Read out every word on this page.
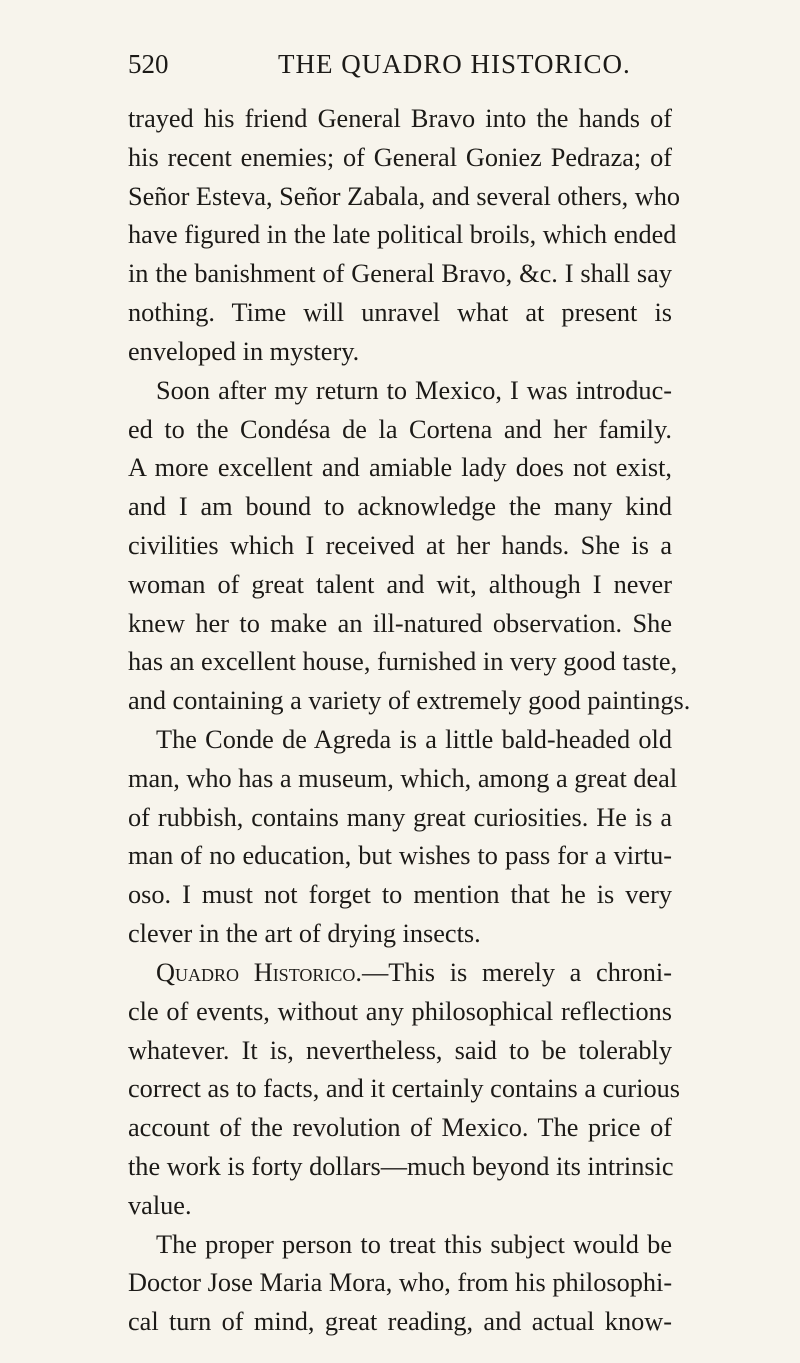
520	THE QUADRO HISTORICO.
trayed his friend General Bravo into the hands of
his recent enemies; of General Goniez Pedraza; of
Señor Esteva, Señor Zabala, and several others, who
have figured in the late political broils, which ended
in the banishment of General Bravo, &c. I shall say
nothing. Time will unravel what at present is
enveloped in mystery.
Soon after my return to Mexico, I was introduc-
ed to the Condésa de la Cortena and her family.
A more excellent and amiable lady does not exist,
and I am bound to acknowledge the many kind
civilities which I received at her hands. She is a
woman of great talent and wit, although I never
knew her to make an ill-natured observation. She
has an excellent house, furnished in very good taste,
and containing a variety of extremely good paintings.
The Conde de Agreda is a little bald-headed old
man, who has a museum, which, among a great deal
of rubbish, contains many great curiosities. He is a
man of no education, but wishes to pass for a virtu-
oso. I must not forget to mention that he is very
clever in the art of drying insects.
Quadro Historico.—This is merely a chroni-
cle of events, without any philosophical reflections
whatever. It is, nevertheless, said to be tolerably
correct as to facts, and it certainly contains a curious
account of the revolution of Mexico. The price of
the work is forty dollars—much beyond its intrinsic
value.
The proper person to treat this subject would be
Doctor Jose Maria Mora, who, from his philosophi-
cal turn of mind, great reading, and actual know-
